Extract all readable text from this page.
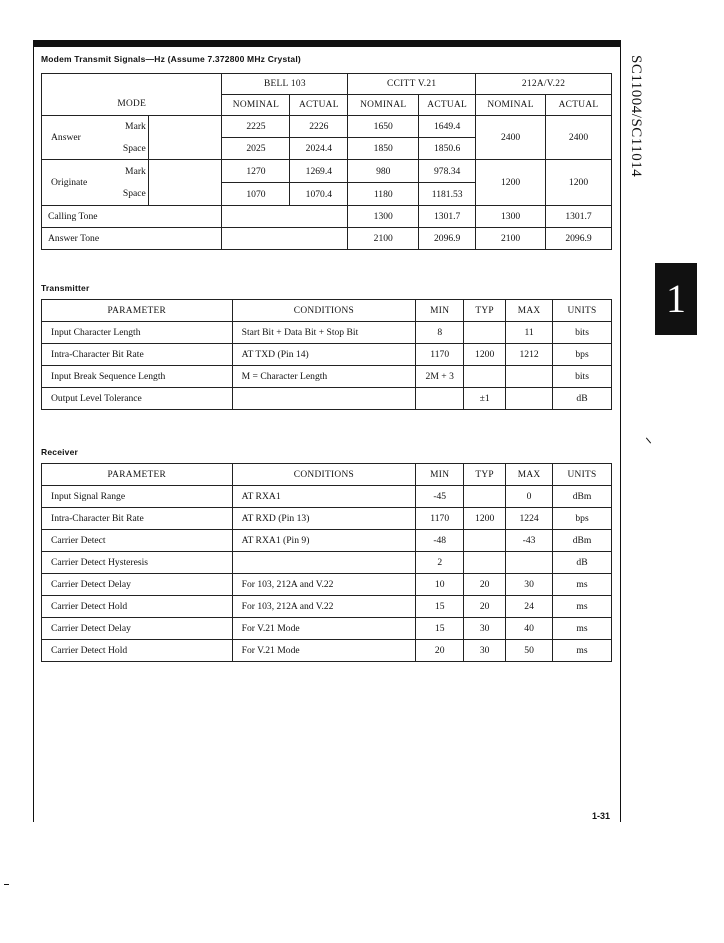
SC11004/SC11014
1
Modem Transmit Signals—Hz (Assume 7.372800 MHz Crystal)
MODE			BELL 103		CCITT V.21		212A/V.22	
			NOMINAL	ACTUAL	NOMINAL	ACTUAL	NOMINAL	ACTUAL
Answer	Mark		2225	2226	1650	1649.4	2400	2400
	Space		2025	2024.4	1850	1850.6		
Originate	Mark		1270	1269.4	980	978.34	1200	1200
	Space		1070	1070.4	1180	1181.53		
Calling Tone					1300	1301.7	1300	1301.7
Answer Tone					2100	2096.9	2100	2096.9
Transmitter
PARAMETER	CONDITIONS	MIN	TYP	MAX	UNITS
Input Character Length	Start Bit + Data Bit + Stop Bit	8		11	bits
Intra-Character Bit Rate	AT TXD (Pin 14)	1170	1200	1212	bps
Input Break Sequence Length	M = Character Length	2M + 3			bits
Output Level Tolerance			±1		dB
Receiver
PARAMETER	CONDITIONS	MIN	TYP	MAX	UNITS
Input Signal Range	AT RXA1	-45		0	dBm
Intra-Character Bit Rate	AT RXD (Pin 13)	1170	1200	1224	bps
Carrier Detect	AT RXA1 (Pin 9)	-48		-43	dBm
Carrier Detect Hysteresis		2			dB
Carrier Detect Delay	For 103, 212A and V.22	10	20	30	ms
Carrier Detect Hold	For 103, 212A and V.22	15	20	24	ms
Carrier Detect Delay	For V.21 Mode	15	30	40	ms
Carrier Detect Hold	For V.21 Mode	20	30	50	ms
1-31
